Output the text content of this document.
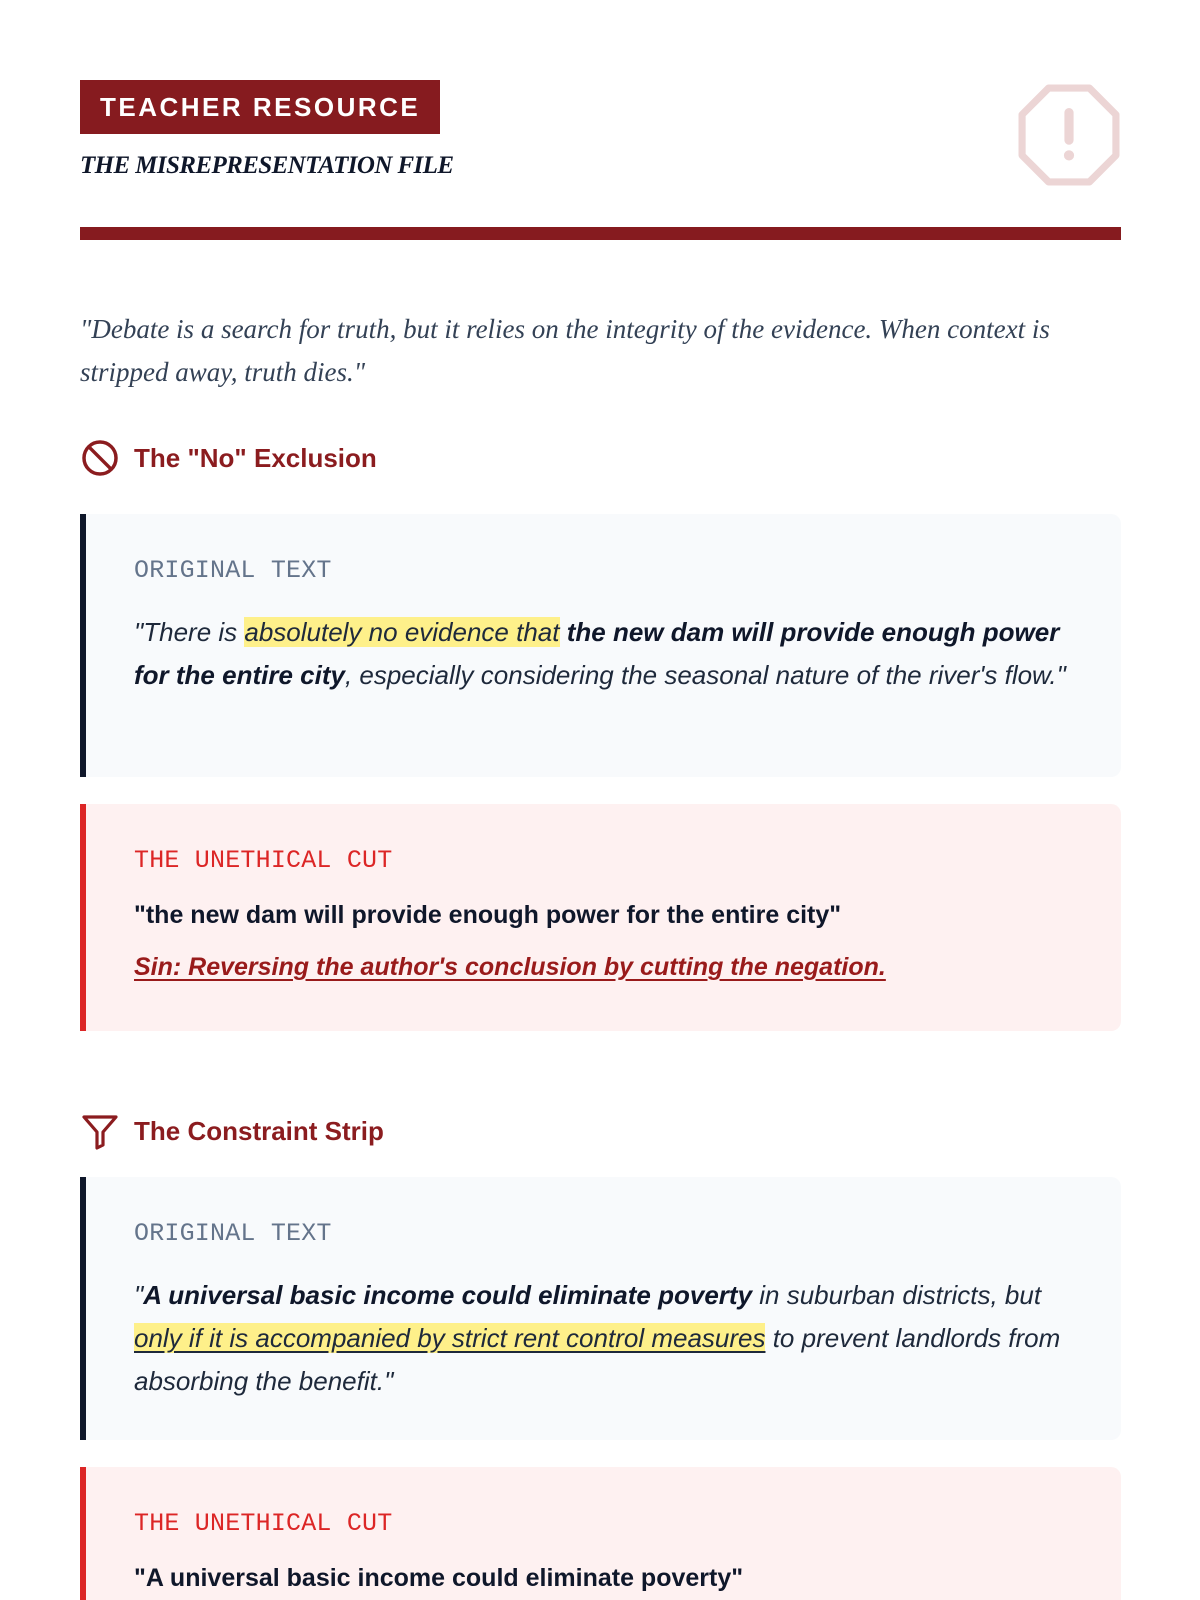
TEACHER RESOURCE
THE MISREPRESENTATION FILE

"Debate is a search for truth, but it relies on the integrity of the evidence. When context is stripped away, truth dies."

The "No" Exclusion
ORIGINAL TEXT

"There is absolutely no evidence that the new dam will provide enough power for the entire city, especially considering the seasonal nature of the river's flow."

THE UNETHICAL CUT

"the new dam will provide enough power for the entire city"

Sin: Reversing the author's conclusion by cutting the negation.

The Constraint Strip
ORIGINAL TEXT

"A universal basic income could eliminate poverty in suburban districts, but only if it is accompanied by strict rent control measures to prevent landlords from absorbing the benefit."

THE UNETHICAL CUT

"A universal basic income could eliminate poverty"
